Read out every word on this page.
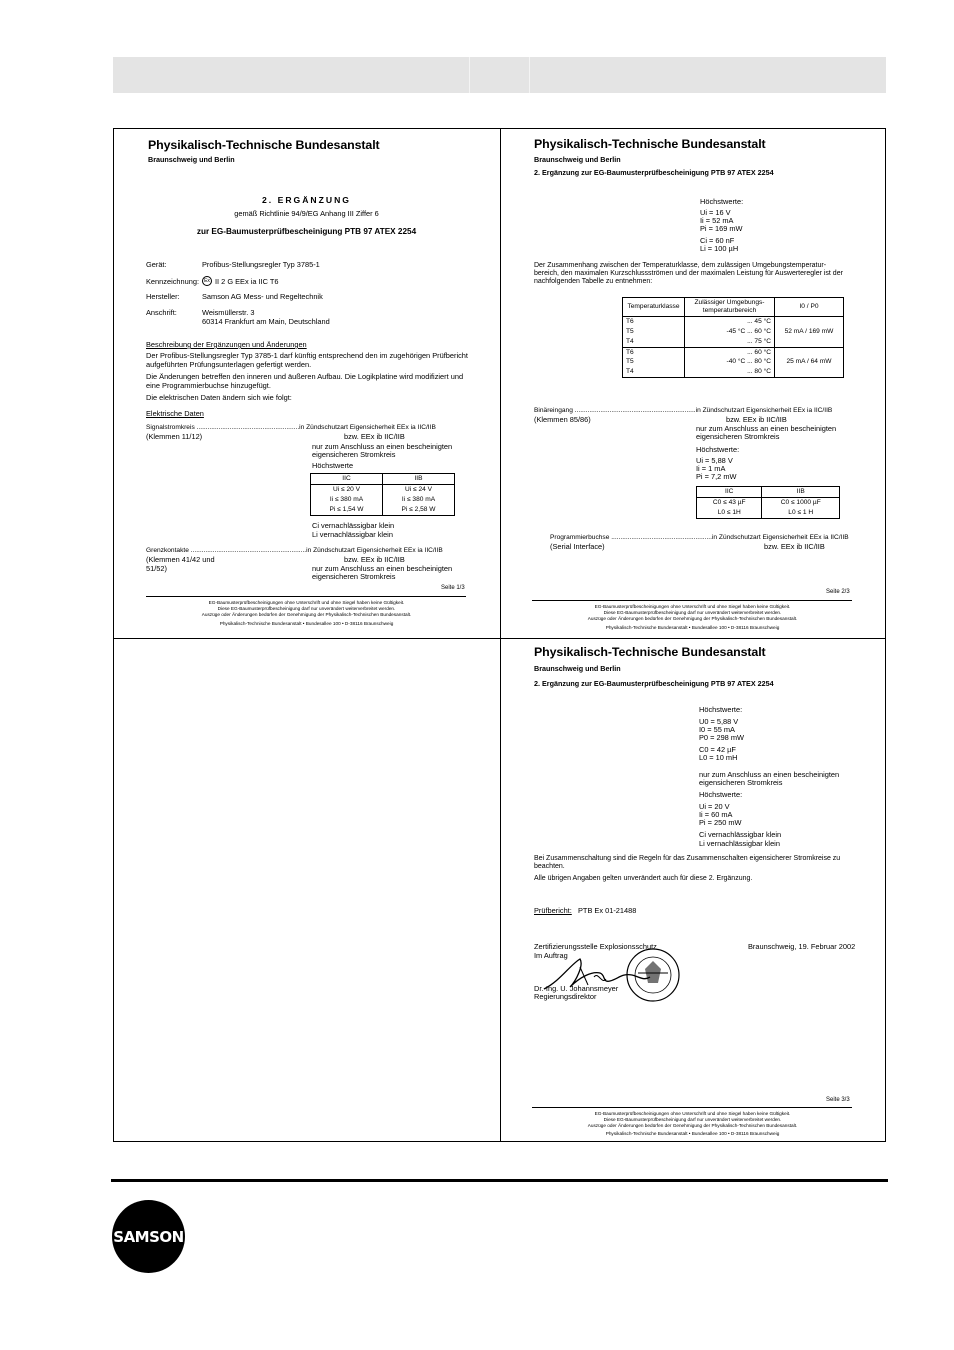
Physikalisch-Technische Bundesanstalt
Braunschweig und Berlin
2. ERGÄNZUNG
gemäß Richtlinie 94/9/EG Anhang III Ziffer 6
zur EG-Baumusterprüfbescheinigung PTB 97 ATEX 2254
Gerät:	Profibus-Stellungsregler Typ 3785-1
Kennzeichnung:	Ex II 2 G EEx ia IIC T6
Hersteller:	Samson AG Mess- und Regeltechnik
Anschrift:	Weismüllerstr. 3
60314 Frankfurt am Main, Deutschland
Beschreibung der Ergänzungen und Änderungen
Der Profibus-Stellungsregler Typ 3785-1 darf künftig entsprechend den im zugehörigen Prüfbericht
aufgeführten Prüfungsunterlagen gefertigt werden.
Die Änderungen betreffen den inneren und äußeren Aufbau. Die Logikplatine wird modifiziert und
eine Programmierbuchse hinzugefügt.
Die elektrischen Daten ändern sich wie folgt:
Elektrische Daten
Signalstromkreis ........................................................in Zündschutzart Eigensicherheit EEx ia IIC/IIB
(Klemmen 11/12)	bzw. EEx ib IIC/IIB
nur zum Anschluss an einen bescheinigten
eigensicheren Stromkreis
Höchstwerte
IIC	IIB
Ui ≤ 20 V	Ui ≤ 24 V
Ii ≤ 380 mA	Ii ≤ 380 mA
Pi ≤ 1,54 W	Pi ≤ 2,58 W
Ci vernachlässigbar klein
Li vernachlässigbar klein
Grenzkontakte ...............................................................in Zündschutzart Eigensicherheit EEx ia IIC/IIB
(Klemmen 41/42 und
51/52)
bzw. EEx ib IIC/IIB
nur zum Anschluss an einen bescheinigten
eigensicheren Stromkreis
Seite 1/3
EG-Baumusterprüfbescheinigungen ohne Unterschrift und ohne Siegel haben keine Gültigkeit.
Diese EG-Baumusterprüfbescheinigung darf nur unverändert weiterverbreitet werden.
Auszüge oder Änderungen bedürfen der Genehmigung der Physikalisch-Technischen Bundesanstalt.
Physikalisch-Technische Bundesanstalt • Bundesallee 100 • D-38116 Braunschweig
Physikalisch-Technische Bundesanstalt
Braunschweig und Berlin
2. Ergänzung zur EG-Baumusterprüfbescheinigung PTB 97 ATEX 2254
Höchstwerte:
Ui = 16 V
Ii = 52 mA
Pi = 169 mW
Ci = 60 nF
Li = 100 µH
Der Zusammenhang zwischen der Temperaturklasse, dem zulässigen Umgebungstemperatur-
bereich, den maximalen Kurzschlussströmen und der maximalen Leistung für Auswerteregler ist der
nachfolgenden Tabelle zu entnehmen:
Temperaturklasse	Zulässiger Umgebungs- temperaturbereich	I0 / P0
T6	... 45 °C	52 mA / 169 mW
T5	-45 °C ... 60 °C	
T4	... 75 °C	
T6	... 60 °C	25 mA / 64 mW
T5	-40 °C ... 80 °C	
T4	... 80 °C	
Binäreingang ..................................................................in Zündschutzart Eigensicherheit EEx ia IIC/IIB
(Klemmen 85/86)	bzw. EEx ib IIC/IIB
nur zum Anschluss an einen bescheinigten
eigensicheren Stromkreis
Höchstwerte:
Ui = 5,88 V
Ii = 1 mA
Pi = 7,2 mW
IIC	IIB
C0 ≤ 43 µF	C0 ≤ 1000 µF
L0 ≤ 1H	L0 ≤ 1 H
Programmierbuchse .......................................................in Zündschutzart Eigensicherheit EEx ia IIC/IIB
(Serial Interface)	bzw. EEx ib IIC/IIB
Seite 2/3
EG-Baumusterprüfbescheinigungen ohne Unterschrift und ohne Siegel haben keine Gültigkeit.
Diese EG-Baumusterprüfbescheinigung darf nur unverändert weiterverbreitet werden.
Auszüge oder Änderungen bedürfen der Genehmigung der Physikalisch-Technischen Bundesanstalt.
Physikalisch-Technische Bundesanstalt • Bundesallee 100 • D-38116 Braunschweig
Physikalisch-Technische Bundesanstalt
Braunschweig und Berlin
2. Ergänzung zur EG-Baumusterprüfbescheinigung PTB 97 ATEX 2254
Höchstwerte:
U0 = 5,88 V
I0 = 55 mA
P0 = 298 mW
C0 = 42 µF
L0 = 10 mH
nur zum Anschluss an einen bescheinigten
eigensicheren Stromkreis
Höchstwerte:
Ui = 20 V
Ii = 60 mA
Pi = 250 mW
Ci vernachlässigbar klein
Li vernachlässigbar klein
Bei Zusammenschaltung sind die Regeln für das Zusammenschalten eigensicherer Stromkreise zu
beachten.
Alle übrigen Angaben gelten unverändert auch für diese 2. Ergänzung.
Prüfbericht: PTB Ex 01-21488
Zertifizierungsstelle Explosionsschutz
Im Auftrag
Braunschweig, 19. Februar 2002
Dr.-Ing. U. Johannsmeyer
Regierungsdirektor
Seite 3/3
EG-Baumusterprüfbescheinigungen ohne Unterschrift und ohne Siegel haben keine Gültigkeit.
Diese EG-Baumusterprüfbescheinigung darf nur unverändert weiterverbreitet werden.
Auszüge oder Änderungen bedürfen der Genehmigung der Physikalisch-Technischen Bundesanstalt.
Physikalisch-Technische Bundesanstalt • Bundesallee 100 • D-38116 Braunschweig
SAMSON
